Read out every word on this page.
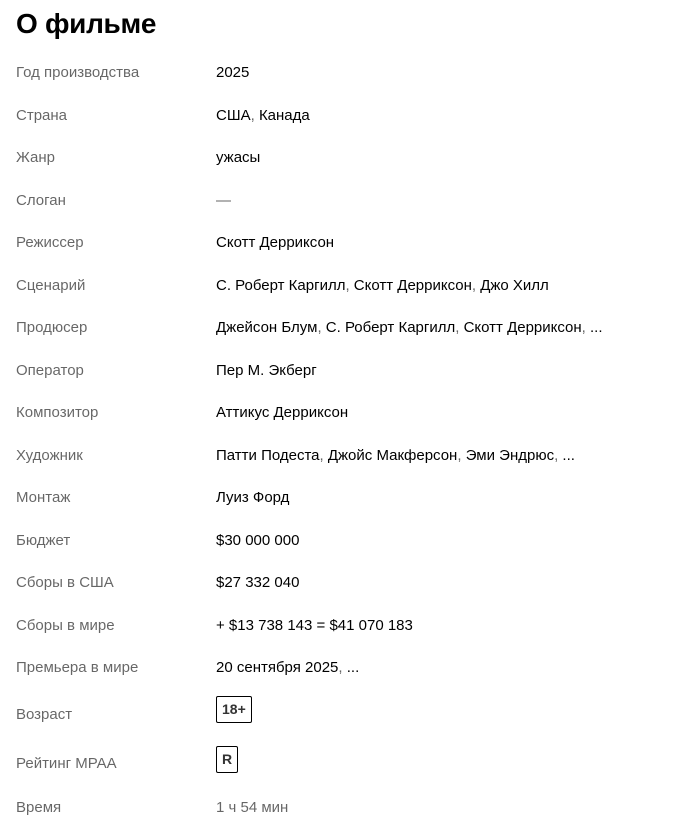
О фильме
Год производства	2025
Страна	США, Канада
Жанр	ужасы
Слоган	—
Режиссер	Скотт Дерриксон
Сценарий	С. Роберт Каргилл, Скотт Дерриксон, Джо Хилл
Продюсер	Джейсон Блум, С. Роберт Каргилл, Скотт Дерриксон, ...
Оператор	Пер М. Экберг
Композитор	Аттикус Дерриксон
Художник	Патти Подеста, Джойс Макферсон, Эми Эндрюс, ...
Монтаж	Луиз Форд
Бюджет	$30 000 000
Сборы в США	$27 332 040
Сборы в мире	+ $13 738 143 = $41 070 183
Премьера в мире	20 сентября 2025, ...
Возраст	18+
Рейтинг MPAA	R
Время	1 ч 54 мин
